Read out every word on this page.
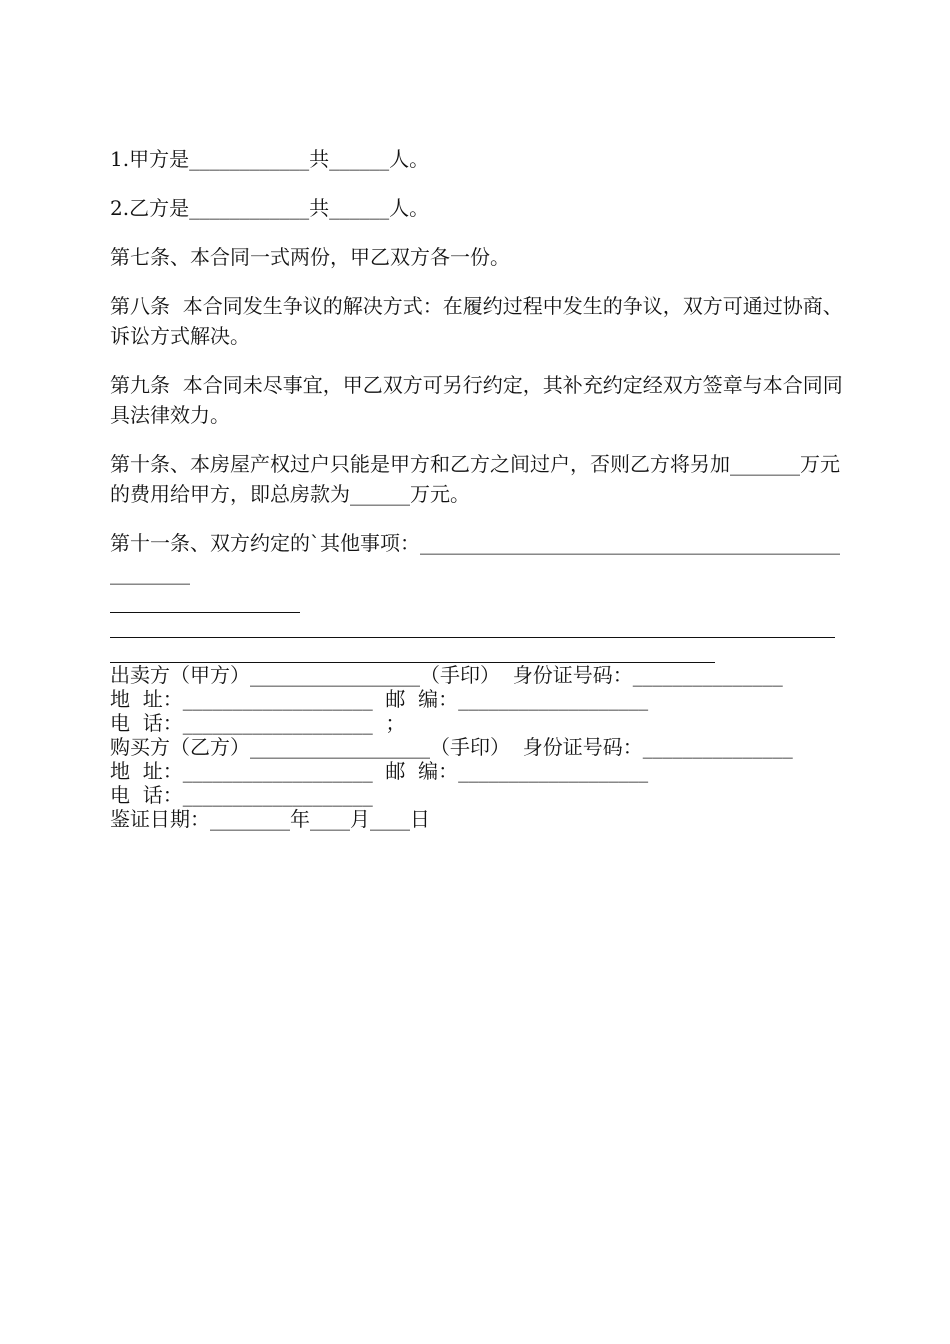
1.甲方是____________共______人。

2.乙方是____________共______人。

第七条、本合同一式两份，甲乙双方各一份。

第八条  本合同发生争议的解决方式：在履约过程中发生的争议，双方可通过协商、诉讼方式解决。

第九条  本合同未尽事宜，甲乙双方可另行约定，其补充约定经双方签章与本合同同具法律效力。

第十条、本房屋产权过户只能是甲方和乙方之间过户，否则乙方将另加_______万元的费用给甲方，即总房款为______万元。

第十一条、双方约定的`其他事项：__________________________________________________

出卖方（甲方）_________________（手印）  身份证号码：_______________

地  址：___________________  邮  编：___________________

电  话：___________________  ；

购买方（乙方）__________________（手印）  身份证号码：_______________

地  址：___________________  邮  编：___________________

电  话：___________________

鉴证日期：________年____月____日
